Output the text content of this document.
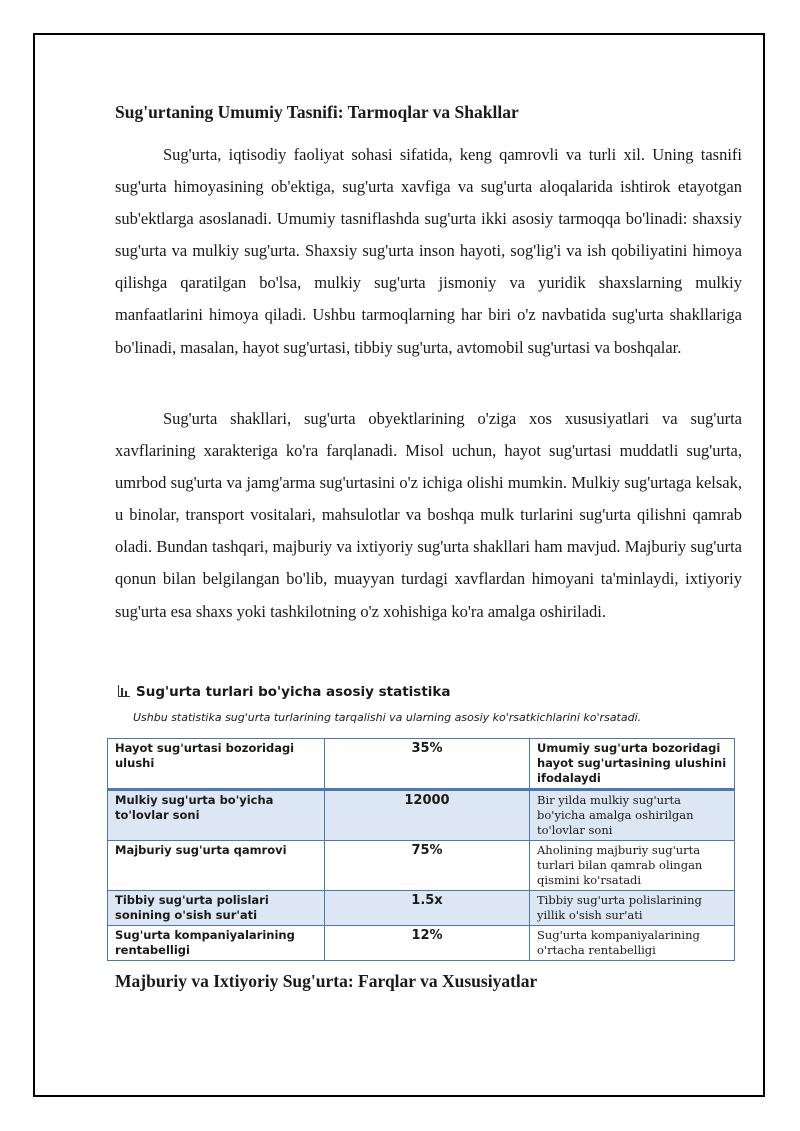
Sug'urtaning Umumiy Tasnifi: Tarmoqlar va Shakllar

Sug'urta, iqtisodiy faoliyat sohasi sifatida, keng qamrovli va turli xil. Uning tasnifi sug'urta himoyasining ob'ektiga, sug'urta xavfiga va sug'urta aloqalarida ishtirok etayotgan sub'ektlarga asoslanadi. Umumiy tasniflashda sug'urta ikki asosiy tarmoqqa bo'linadi: shaxsiy sug'urta va mulkiy sug'urta. Shaxsiy sug'urta inson hayoti, sog'lig'i va ish qobiliyatini himoya qilishga qaratilgan bo'lsa, mulkiy sug'urta jismoniy va yuridik shaxslarning mulkiy manfaatlarini himoya qiladi. Ushbu tarmoqlarning har biri o'z navbatida sug'urta shakllariga bo'linadi, masalan, hayot sug'urtasi, tibbiy sug'urta, avtomobil sug'urtasi va boshqalar.

Sug'urta shakllari, sug'urta obyektlarining o'ziga xos xususiyatlari va sug'urta xavflarining xarakteriga ko'ra farqlanadi. Misol uchun, hayot sug'urtasi muddatli sug'urta, umrbod sug'urta va jamg'arma sug'urtasini o'z ichiga olishi mumkin. Mulkiy sug'urtaga kelsak, u binolar, transport vositalari, mahsulotlar va boshqa mulk turlarini sug'urta qilishni qamrab oladi. Bundan tashqari, majburiy va ixtiyoriy sug'urta shakllari ham mavjud. Majburiy sug'urta qonun bilan belgilangan bo'lib, muayyan turdagi xavflardan himoyani ta'minlaydi, ixtiyoriy sug'urta esa shaxs yoki tashkilotning o'z xohishiga ko'ra amalga oshiriladi.

Sug'urta turlari bo'yicha asosiy statistika

Ushbu statistika sug'urta turlarining tarqalishi va ularning asosiy ko'rsatkichlarini ko'rsatadi.

Hayot sug'urtasi bozoridagi ulushi	35%	Umumiy sug'urta bozoridagi hayot sug'urtasining ulushini ifodalaydi
Mulkiy sug'urta bo'yicha to'lovlar soni	12000	Bir yilda mulkiy sug'urta bo'yicha amalga oshirilgan to'lovlar soni
Majburiy sug'urta qamrovi	75%	Aholining majburiy sug'urta turlari bilan qamrab olingan qismini ko'rsatadi
Tibbiy sug'urta polislari sonining o'sish sur'ati	1.5x	Tibbiy sug'urta polislarining yillik o'sish sur'ati
Sug'urta kompaniyalarining rentabelligi	12%	Sug'urta kompaniyalarining o'rtacha rentabelligi
Majburiy va Ixtiyoriy Sug'urta: Farqlar va Xususiyatlar
